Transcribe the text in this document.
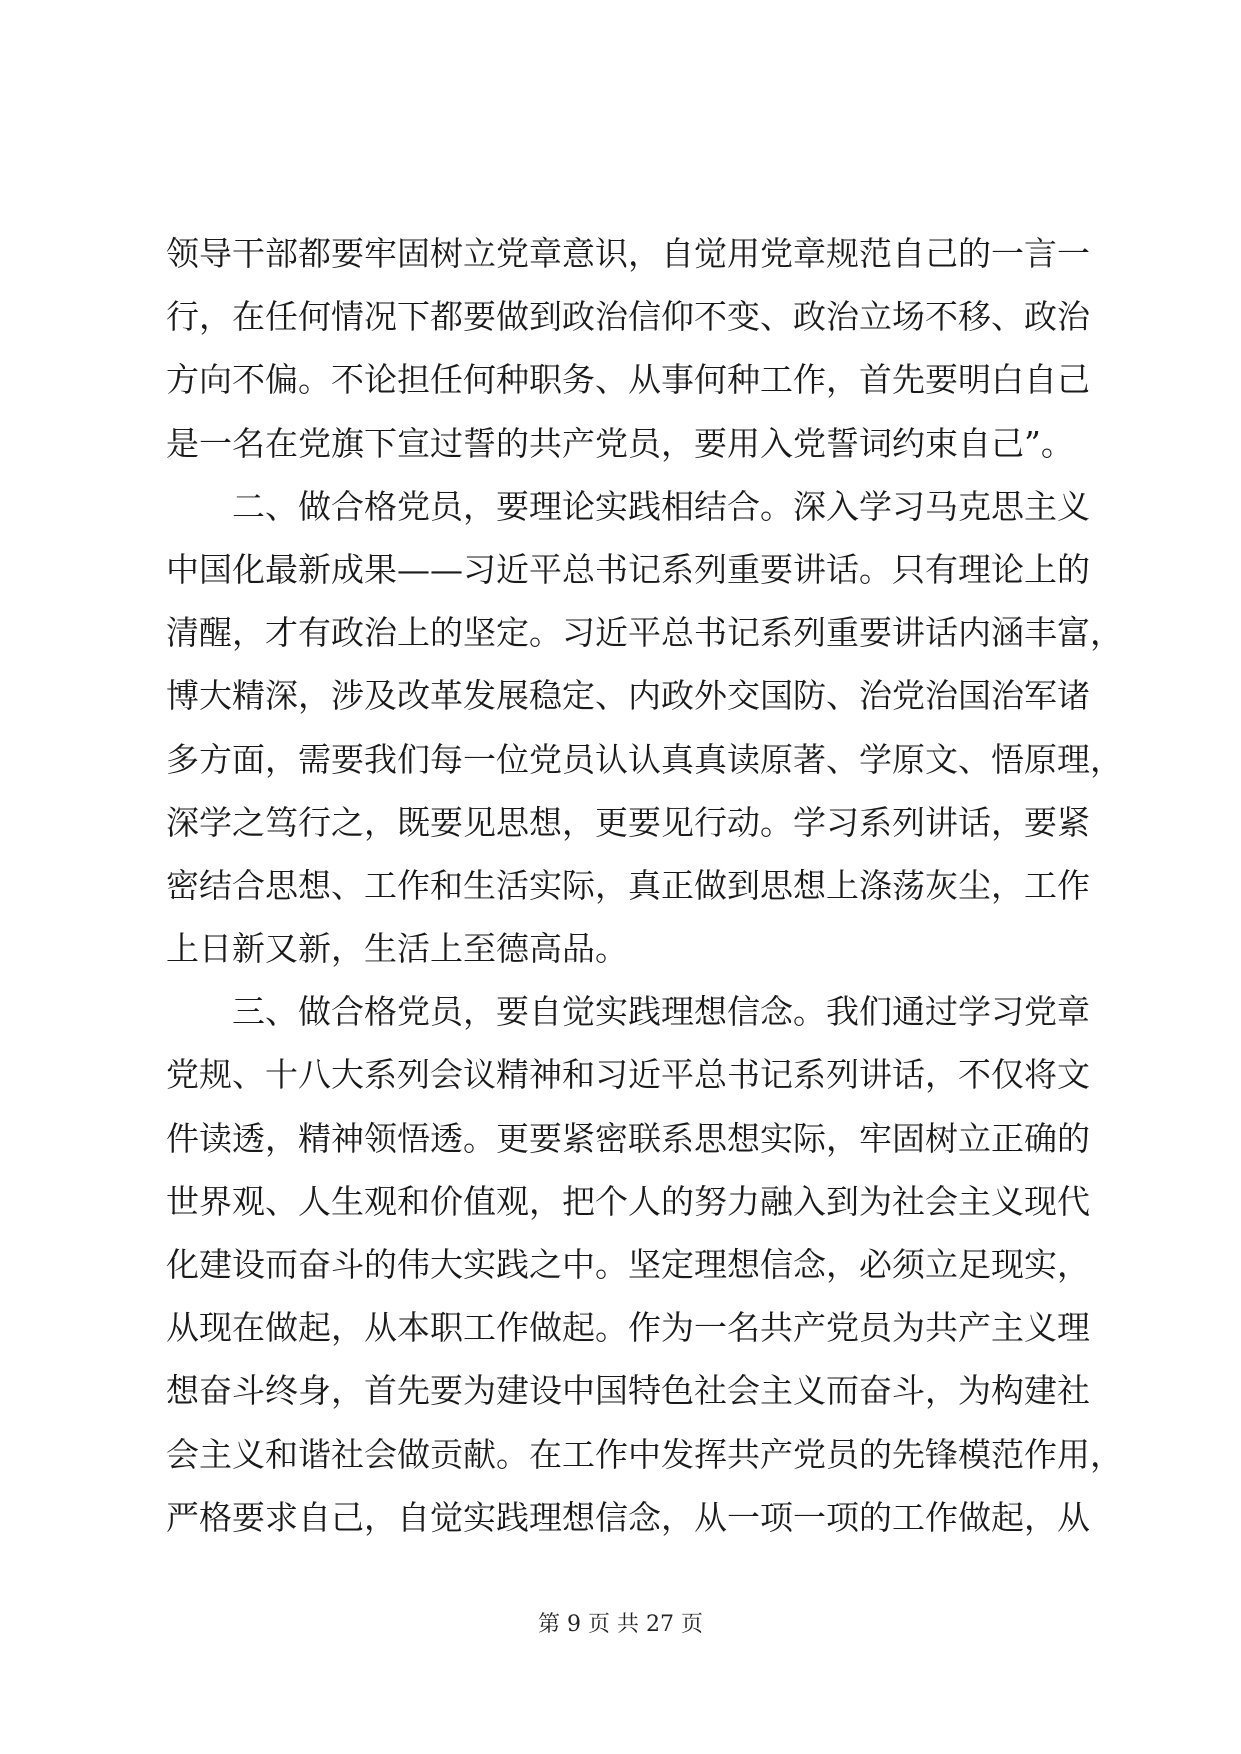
领导干部都要牢固树立党章意识，自觉用党章规范自己的一言一
行，在任何情况下都要做到政治信仰不变、政治立场不移、政治
方向不偏。不论担任何种职务、从事何种工作，首先要明白自己
是一名在党旗下宣过誓的共产党员，要用入党誓词约束自己”。
二、做合格党员，要理论实践相结合。深入学习马克思主义
中国化最新成果——习近平总书记系列重要讲话。只有理论上的
清醒，才有政治上的坚定。习近平总书记系列重要讲话内涵丰富，
博大精深，涉及改革发展稳定、内政外交国防、治党治国治军诸
多方面，需要我们每一位党员认认真真读原著、学原文、悟原理，
深学之笃行之，既要见思想，更要见行动。学习系列讲话，要紧
密结合思想、工作和生活实际，真正做到思想上涤荡灰尘，工作
上日新又新，生活上至德高品。
三、做合格党员，要自觉实践理想信念。我们通过学习党章
党规、十八大系列会议精神和习近平总书记系列讲话，不仅将文
件读透，精神领悟透。更要紧密联系思想实际，牢固树立正确的
世界观、人生观和价值观，把个人的努力融入到为社会主义现代
化建设而奋斗的伟大实践之中。坚定理想信念，必须立足现实，
从现在做起，从本职工作做起。作为一名共产党员为共产主义理
想奋斗终身，首先要为建设中国特色社会主义而奋斗，为构建社
会主义和谐社会做贡献。在工作中发挥共产党员的先锋模范作用，
严格要求自己，自觉实践理想信念，从一项一项的工作做起，从
第 9 页 共 27 页
